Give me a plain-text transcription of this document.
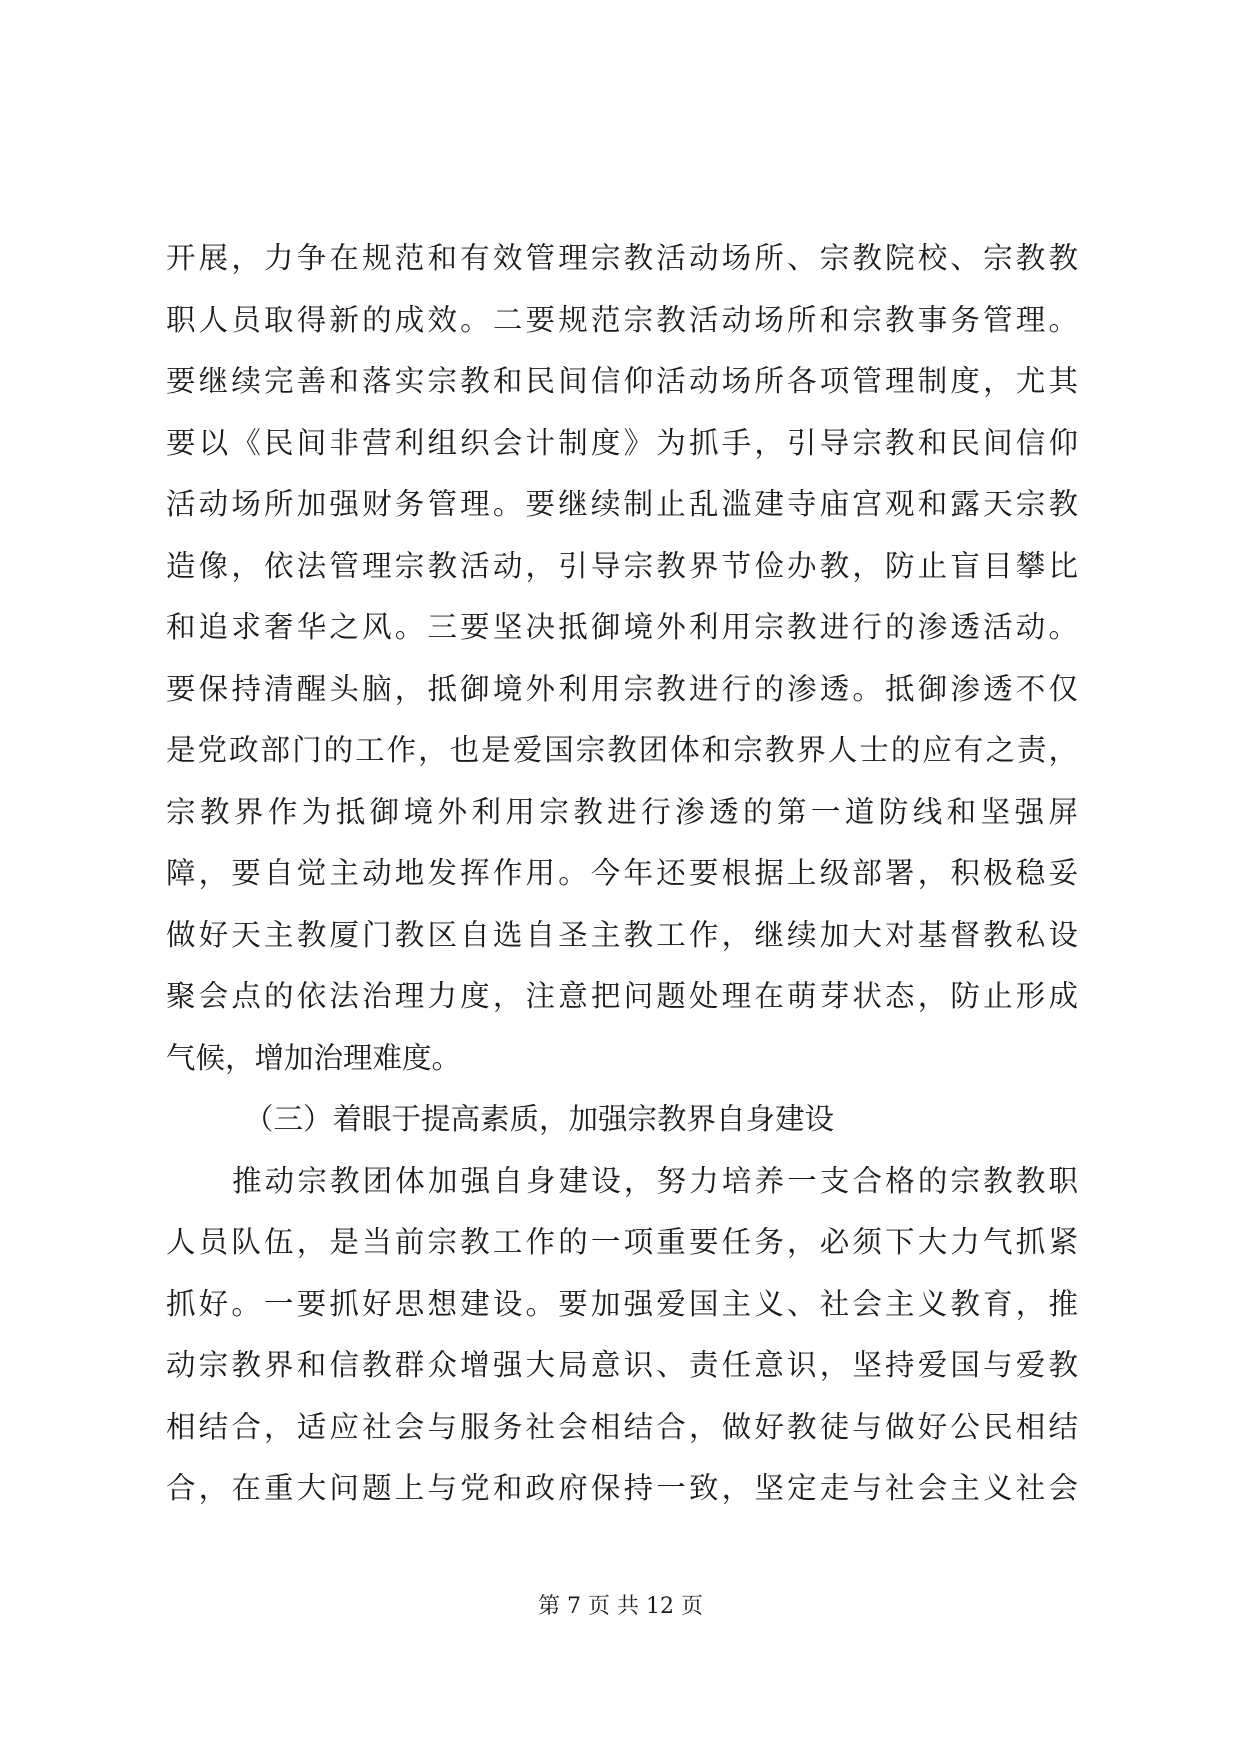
开展，力争在规范和有效管理宗教活动场所、宗教院校、宗教教
职人员取得新的成效。二要规范宗教活动场所和宗教事务管理。
要继续完善和落实宗教和民间信仰活动场所各项管理制度，尤其
要以《民间非营利组织会计制度》为抓手，引导宗教和民间信仰
活动场所加强财务管理。要继续制止乱滥建寺庙宫观和露天宗教
造像，依法管理宗教活动，引导宗教界节俭办教，防止盲目攀比
和追求奢华之风。三要坚决抵御境外利用宗教进行的渗透活动。
要保持清醒头脑，抵御境外利用宗教进行的渗透。抵御渗透不仅
是党政部门的工作，也是爱国宗教团体和宗教界人士的应有之责，
宗教界作为抵御境外利用宗教进行渗透的第一道防线和坚强屏
障，要自觉主动地发挥作用。今年还要根据上级部署，积极稳妥
做好天主教厦门教区自选自圣主教工作，继续加大对基督教私设
聚会点的依法治理力度，注意把问题处理在萌芽状态，防止形成
气候，增加治理难度。
（三）着眼于提高素质，加强宗教界自身建设
推动宗教团体加强自身建设，努力培养一支合格的宗教教职
人员队伍，是当前宗教工作的一项重要任务，必须下大力气抓紧
抓好。一要抓好思想建设。要加强爱国主义、社会主义教育，推
动宗教界和信教群众增强大局意识、责任意识，坚持爱国与爱教
相结合，适应社会与服务社会相结合，做好教徒与做好公民相结
合，在重大问题上与党和政府保持一致，坚定走与社会主义社会
第 7 页 共 12 页
